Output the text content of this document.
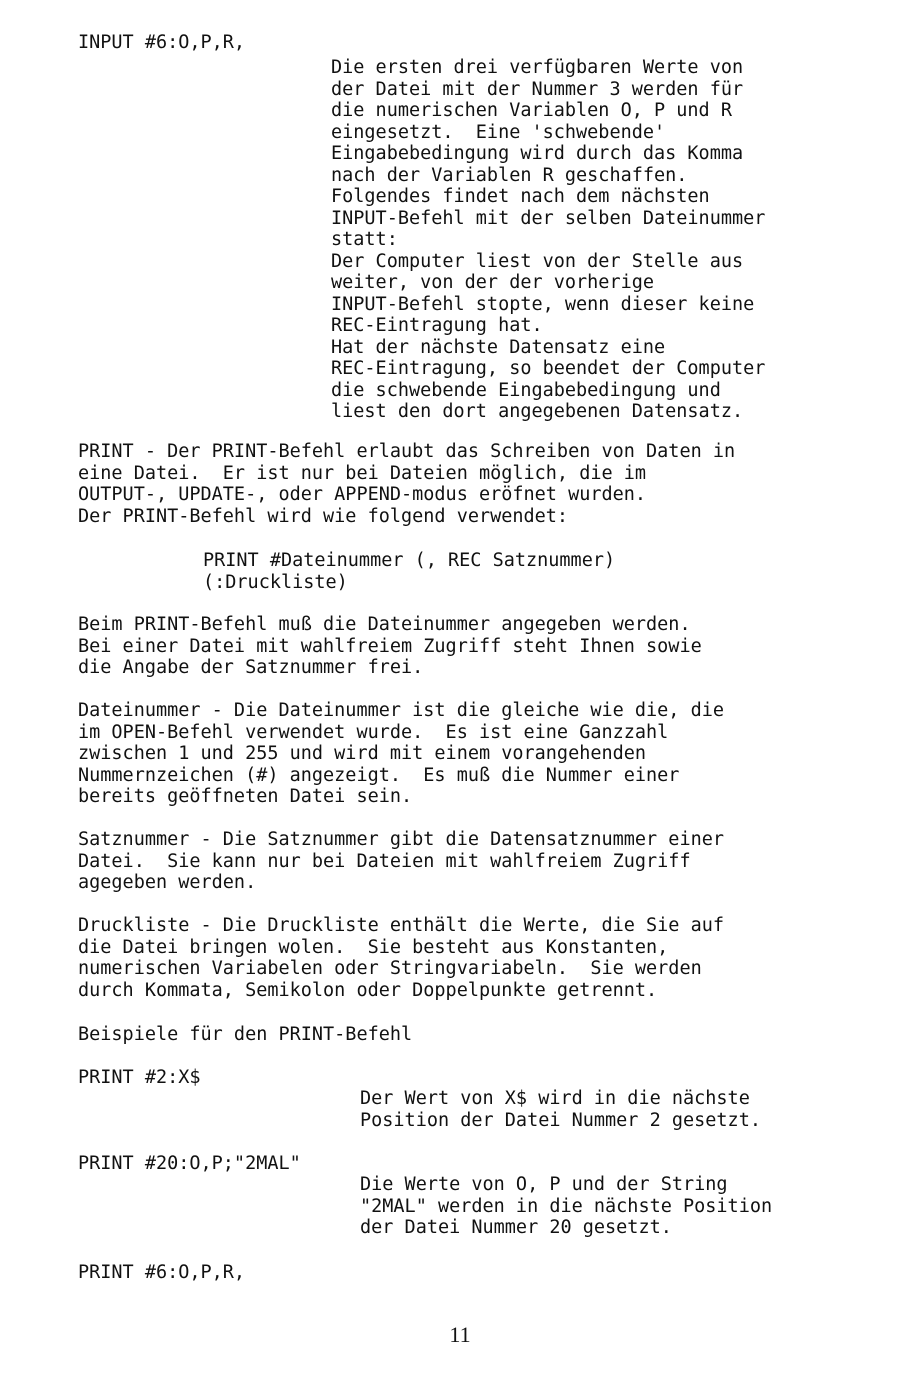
INPUT #6:O,P,R,
Die ersten drei verfügbaren Werte von
der Datei mit der Nummer 3 werden für
die numerischen Variablen O, P und R
eingesetzt.  Eine 'schwebende'
Eingabebedingung wird durch das Komma
nach der Variablen R geschaffen.
Folgendes findet nach dem nächsten
INPUT-Befehl mit der selben Dateinummer
statt:
Der Computer liest von der Stelle aus
weiter, von der der vorherige
INPUT-Befehl stopte, wenn dieser keine
REC-Eintragung hat.
Hat der nächste Datensatz eine
REC-Eintragung, so beendet der Computer
die schwebende Eingabebedingung und
liest den dort angegebenen Datensatz.
PRINT - Der PRINT-Befehl erlaubt das Schreiben von Daten in
eine Datei.  Er ist nur bei Dateien möglich, die im
OUTPUT-, UPDATE-, oder APPEND-modus eröfnet wurden.
Der PRINT-Befehl wird wie folgend verwendet:
PRINT #Dateinummer (, REC Satznummer)
(:Druckliste)
Beim PRINT-Befehl muß die Dateinummer angegeben werden.
Bei einer Datei mit wahlfreiem Zugriff steht Ihnen sowie
die Angabe der Satznummer frei.
Dateinummer - Die Dateinummer ist die gleiche wie die, die
im OPEN-Befehl verwendet wurde.  Es ist eine Ganzzahl
zwischen 1 und 255 und wird mit einem vorangehenden
Nummernzeichen (#) angezeigt.  Es muß die Nummer einer
bereits geöffneten Datei sein.
Satznummer - Die Satznummer gibt die Datensatznummer einer
Datei.  Sie kann nur bei Dateien mit wahlfreiem Zugriff
agegeben werden.
Druckliste - Die Druckliste enthält die Werte, die Sie auf
die Datei bringen wolen.  Sie besteht aus Konstanten,
numerischen Variabelen oder Stringvariabeln.  Sie werden
durch Kommata, Semikolon oder Doppelpunkte getrennt.
Beispiele für den PRINT-Befehl
PRINT #2:X$
Der Wert von X$ wird in die nächste
Position der Datei Nummer 2 gesetzt.
PRINT #20:O,P;"2MAL"
Die Werte von O, P und der String
"2MAL" werden in die nächste Position
der Datei Nummer 20 gesetzt.
PRINT #6:O,P,R,
11
